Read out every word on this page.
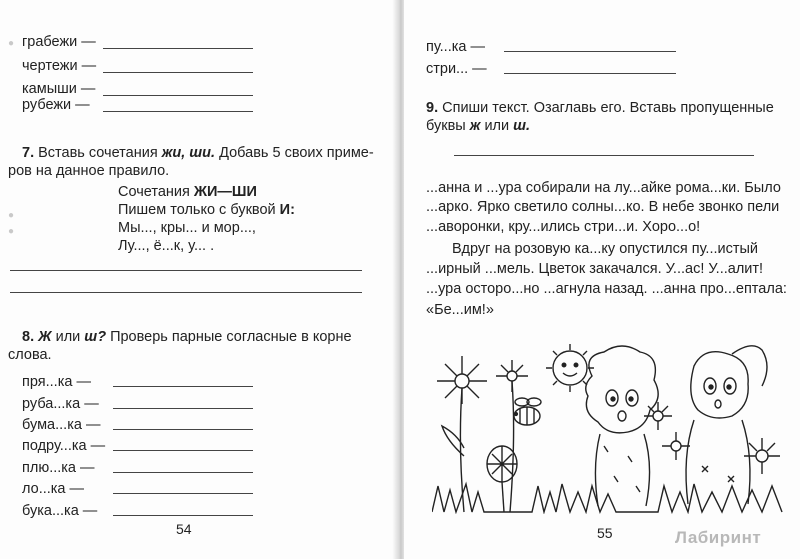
● грабежи —
чертежи —
камыши —
рубежи —
7. Вставь сочетания жи, ши. Добавь 5 своих приме-
ров на данное правило.
Сочетания ЖИ—ШИ
Пишем только с буквой И:
●
Мы..., кры... и мор...,
●
Лу..., ё...к, у... .
8. Ж или ш? Проверь парные согласные в корне
слова.
пря...ка —
руба...ка —
бума...ка —
подру...ка —
плю...ка —
ло...ка —
бука...ка —
54
пу...ка —
стри... —
9. Спиши текст. Озаглавь его. Вставь пропущенные
буквы ж или ш.
...анна и ...ура собирали на лу...айке рома...ки. Было
...арко. Ярко светило солны...ко. В небе звонко пели
...аворонки, кру...ились стри...и. Хоро...о!
Вдруг на розовую ка...ку опустился пу...истый
...ирный ...мель. Цветок закачался. У...ас! У...алит!
...ура осторо...но ...агнула назад. ...анна про...ептала:
«Бе...им!»
55	Лабиринт
